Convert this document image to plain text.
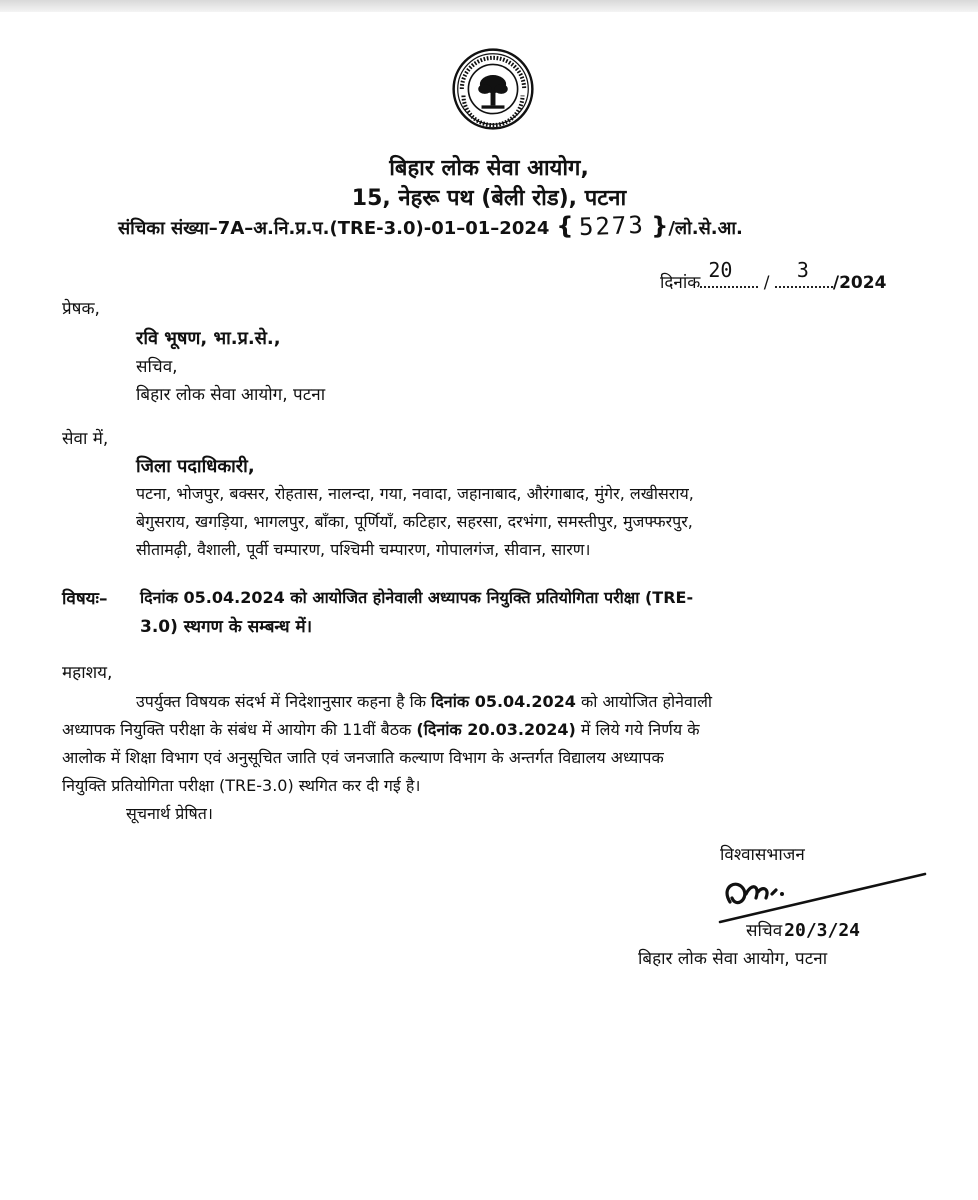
बिहार लोक सेवा आयोग,
15, नेहरू पथ (बेली रोड), पटना
संचिका संख्या–7A–अ.नि.प्र.प.(TRE-3.0)-01–01–2024 { 5273 }/लो.से.आ.
दिनांक
20
/
3
/2024
प्रेषक,
रवि भूषण, भा.प्र.से.,
सचिव,
बिहार लोक सेवा आयोग, पटना
सेवा में,
जिला पदाधिकारी,
पटना, भोजपुर, बक्सर, रोहतास, नालन्दा, गया, नवादा, जहानाबाद, औरंगाबाद, मुंगेर, लखीसराय,
बेगुसराय, खगड़िया, भागलपुर, बाँका, पूर्णियाँ, कटिहार, सहरसा, दरभंगा, समस्तीपुर, मुजफ्फरपुर,
सीतामढ़ी, वैशाली, पूर्वी चम्पारण, पश्चिमी चम्पारण, गोपालगंज, सीवान, सारण।
विषयः– दिनांक 05.04.2024 को आयोजित होनेवाली अध्यापक नियुक्ति प्रतियोगिता परीक्षा (TRE-
3.0) स्थगण के सम्बन्ध में।
महाशय,
उपर्युक्त विषयक संदर्भ में निदेशानुसार कहना है कि दिनांक 05.04.2024 को आयोजित होनेवाली
अध्यापक नियुक्ति परीक्षा के संबंध में आयोग की 11वीं बैठक (दिनांक 20.03.2024) में लिये गये निर्णय के
आलोक में शिक्षा विभाग एवं अनुसूचित जाति एवं जनजाति कल्याण विभाग के अन्तर्गत विद्यालय अध्यापक
नियुक्ति प्रतियोगिता परीक्षा (TRE-3.0) स्थगित कर दी गई है।
सूचनार्थ प्रेषित।
विश्वासभाजन
सचिव 20/3/24
बिहार लोक सेवा आयोग, पटना
